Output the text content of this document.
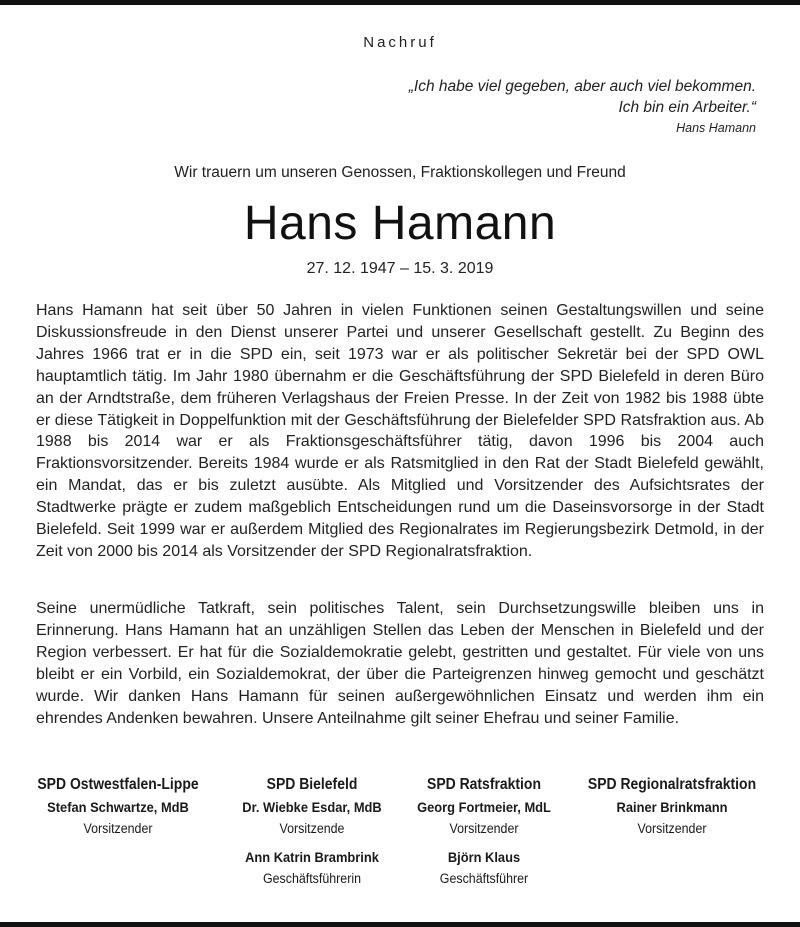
Nachruf
„Ich habe viel gegeben, aber auch viel bekommen.
Ich bin ein Arbeiter.“
Hans Hamann
Wir trauern um unseren Genossen, Fraktionskollegen und Freund
Hans Hamann
27. 12. 1947 – 15. 3. 2019
Hans Hamann hat seit über 50 Jahren in vielen Funktionen seinen Gestaltungswillen und seine Diskussionsfreude in den Dienst unserer Partei und unserer Gesellschaft gestellt. Zu Beginn des Jahres 1966 trat er in die SPD ein, seit 1973 war er als politischer Sekretär bei der SPD OWL hauptamtlich tätig. Im Jahr 1980 übernahm er die Geschäftsführung der SPD Bielefeld in deren Büro an der Arndtstraße, dem früheren Verlagshaus der Freien Presse. In der Zeit von 1982 bis 1988 übte er diese Tätigkeit in Doppelfunktion mit der Geschäftsführung der Bielefelder SPD Ratsfraktion aus. Ab 1988 bis 2014 war er als Fraktionsgeschäftsführer tätig, davon 1996 bis 2004 auch Fraktionsvorsitzender. Bereits 1984 wurde er als Ratsmitglied in den Rat der Stadt Bielefeld gewählt, ein Mandat, das er bis zuletzt ausübte. Als Mitglied und Vorsitzender des Aufsichtsrates der Stadtwerke prägte er zudem maßgeblich Entscheidungen rund um die Daseinsvorsorge in der Stadt Bielefeld. Seit 1999 war er außerdem Mitglied des Regionalrates im Regierungsbezirk Detmold, in der Zeit von 2000 bis 2014 als Vorsitzender der SPD Regionalratsfraktion.
Seine unermüdliche Tatkraft, sein politisches Talent, sein Durchsetzungswille bleiben uns in Erinnerung. Hans Hamann hat an unzähligen Stellen das Leben der Menschen in Bielefeld und der Region verbessert. Er hat für die Sozialdemokratie gelebt, gestritten und gestaltet. Für viele von uns bleibt er ein Vorbild, ein Sozialdemokrat, der über die Parteigrenzen hinweg gemocht und geschätzt wurde. Wir danken Hans Hamann für seinen außergewöhnlichen Einsatz und werden ihm ein ehrendes Andenken bewahren. Unsere Anteilnahme gilt seiner Ehefrau und seiner Familie.
SPD Ostwestfalen-Lippe
Stefan Schwartze, MdB
Vorsitzender
SPD Bielefeld
Dr. Wiebke Esdar, MdB
Vorsitzende
Ann Katrin Brambrink
Geschäftsführerin
SPD Ratsfraktion
Georg Fortmeier, MdL
Vorsitzender
Björn Klaus
Geschäftsführer
SPD Regionalratsfraktion
Rainer Brinkmann
Vorsitzender
